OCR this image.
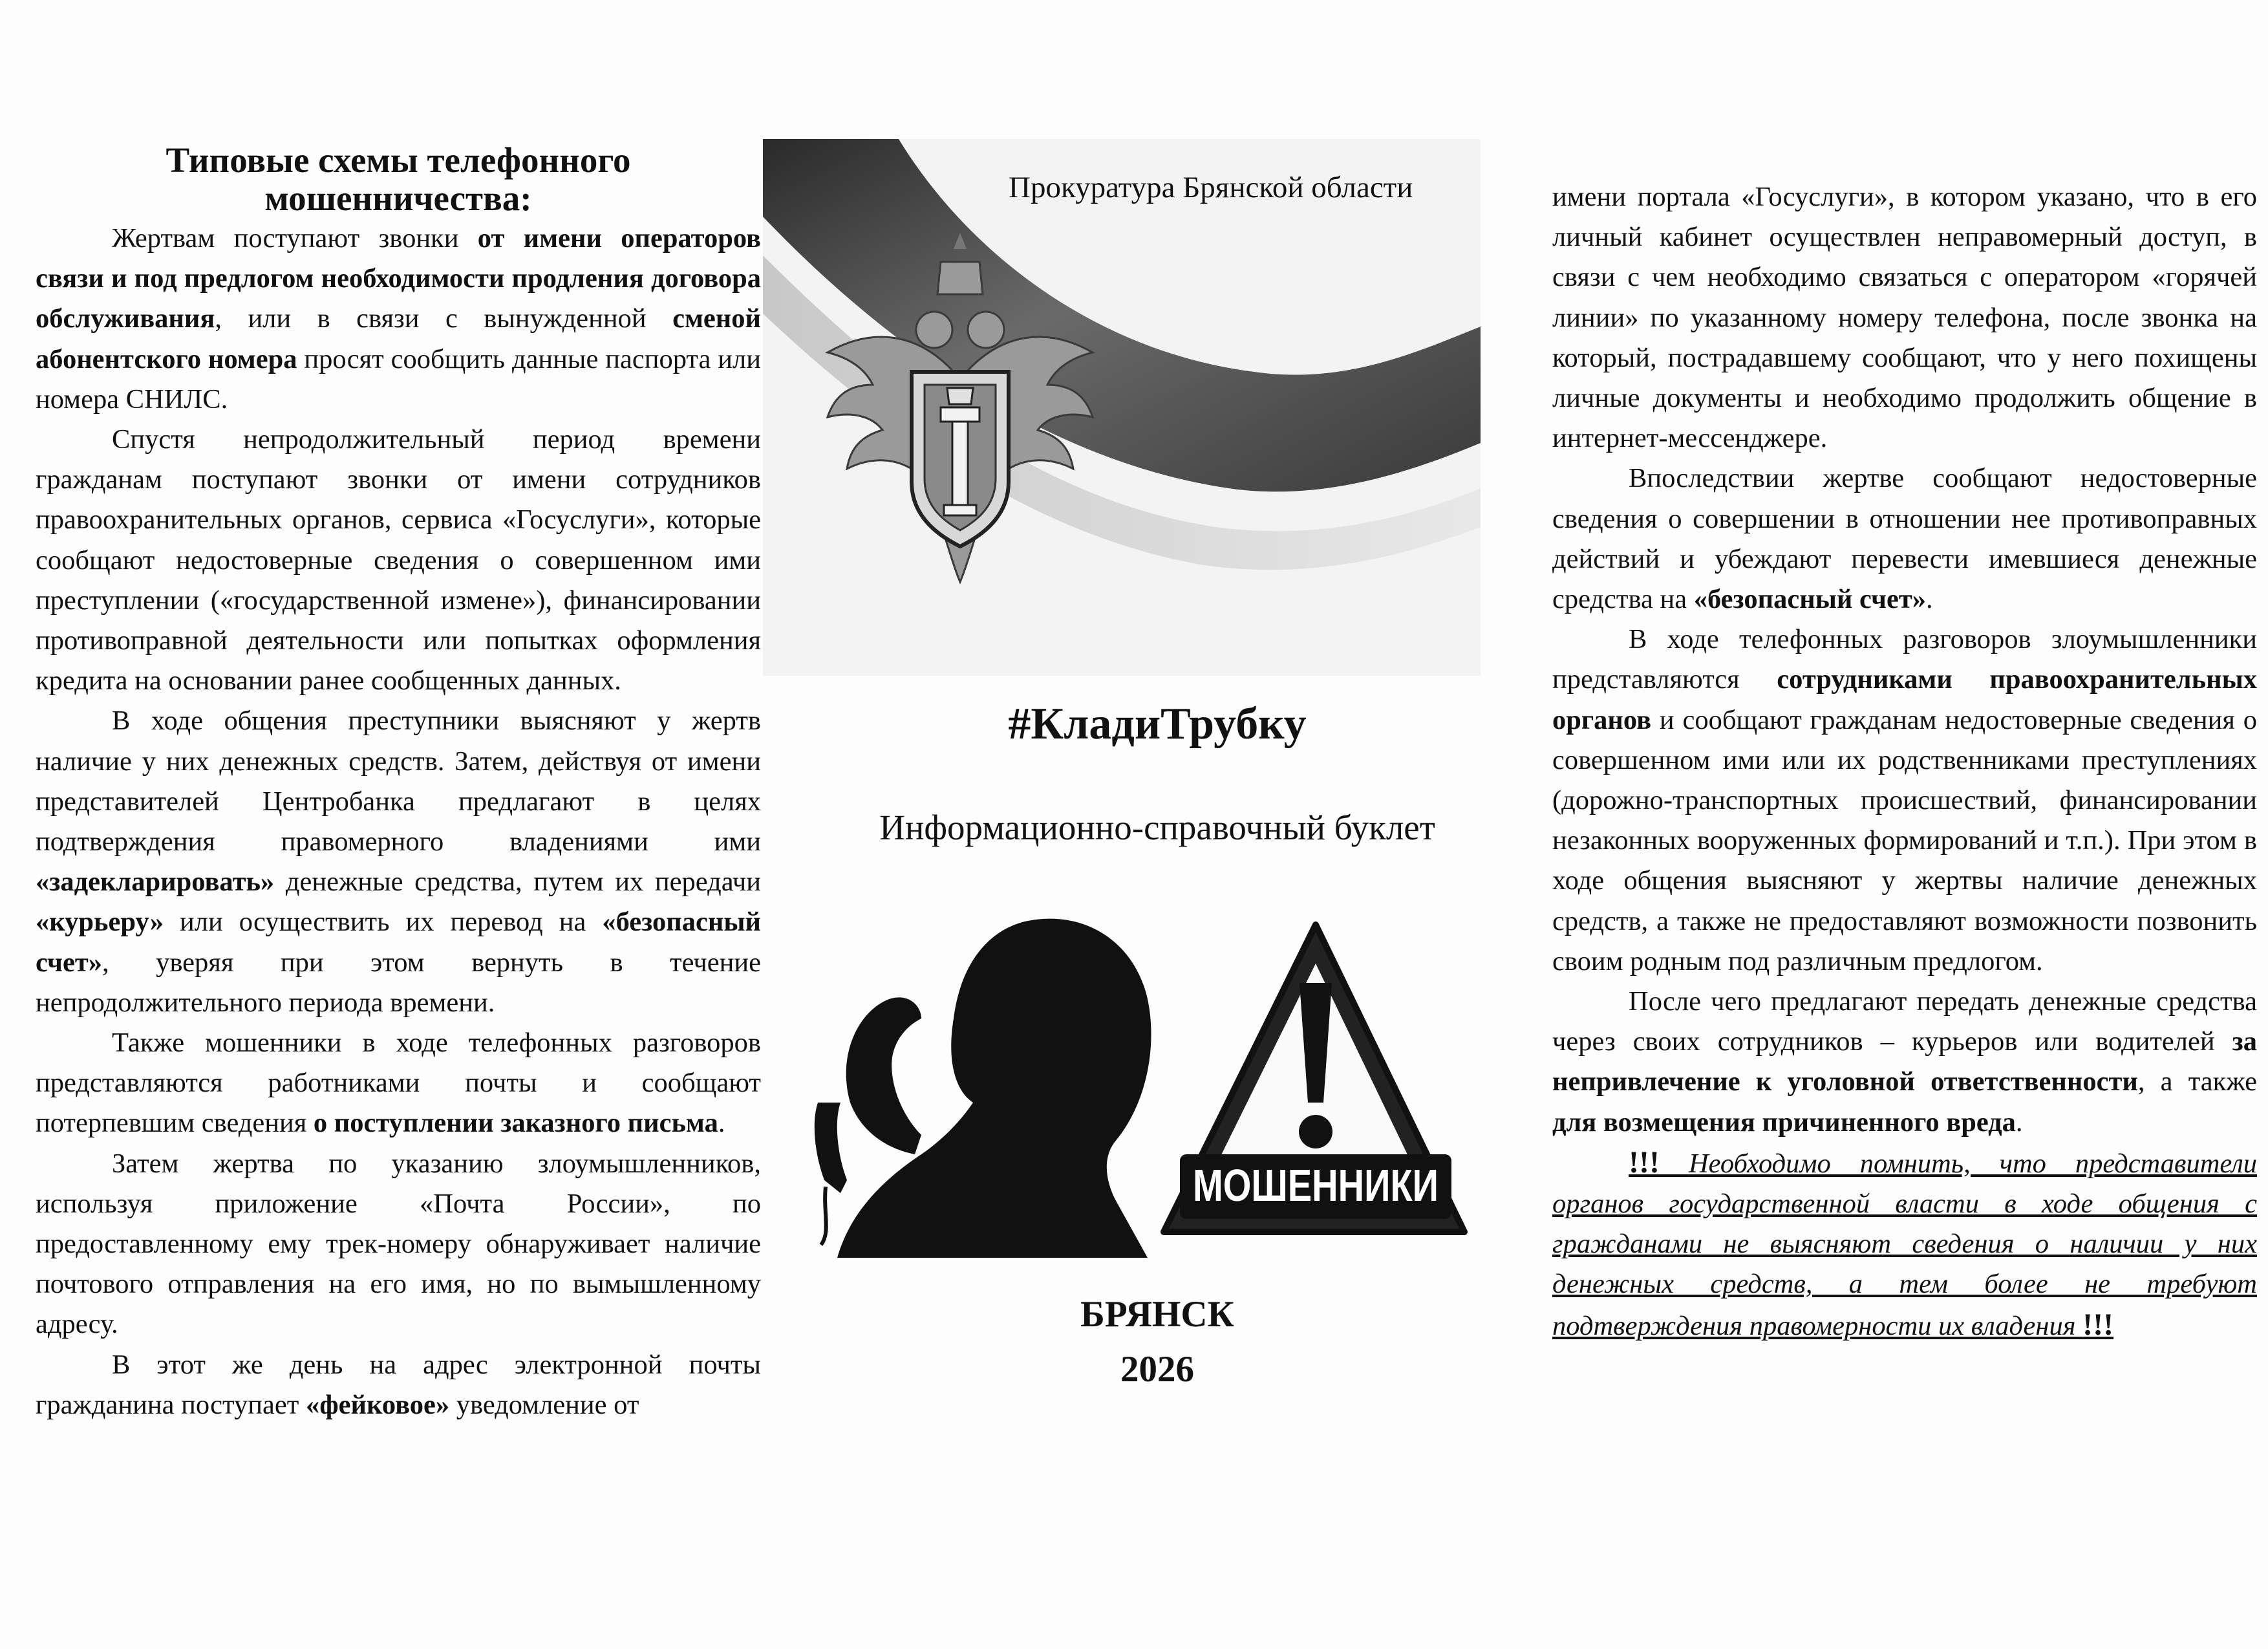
Типовые схемы телефонного
мошенничества:

Жертвам поступают звонки от имени операторов связи и под предлогом необходимости продления договора обслуживания, или в связи с вынужденной сменой абонентского номера просят сообщить данные паспорта или номера СНИЛС.

Спустя непродолжительный период времени гражданам поступают звонки от имени сотрудников правоохранительных органов, сервиса «Госуслуги», которые сообщают недостоверные сведения о совершенном ими преступлении («государственной измене»), финансировании противоправной деятельности или попытках оформления кредита на основании ранее сообщенных данных.

В ходе общения преступники выясняют у жертв наличие у них денежных средств. Затем, действуя от имени представителей Центробанка предлагают в целях подтверждения правомерного владениями ими «задекларировать» денежные средства, путем их передачи «курьеру» или осуществить их перевод на «безопасный счет», уверяя при этом вернуть в течение непродолжительного периода времени.

Также мошенники в ходе телефонных разговоров представляются работниками почты и сообщают потерпевшим сведения о поступлении заказного письма.

Затем жертва по указанию злоумышленников, используя приложение «Почта России», по предоставленному ему трек-номеру обнаруживает наличие почтового отправления на его имя, но по вымышленному адресу.

В этот же день на адрес электронной почты гражданина поступает «фейковое» уведомление от

Прокуратура Брянской области
#КладиТрубку
Информационно-справочный буклет
МОШЕННИКИ
БРЯНСК
2026

имени портала «Госуслуги», в котором указано, что в его личный кабинет осуществлен неправомерный доступ, в связи с чем необходимо связаться с оператором «горячей линии» по указанному номеру телефона, после звонка на который, пострадавшему сообщают, что у него похищены личные документы и необходимо продолжить общение в интернет-мессенджере.

Впоследствии жертве сообщают недостоверные сведения о совершении в отношении нее противоправных действий и убеждают перевести имевшиеся денежные средства на «безопасный счет».

В ходе телефонных разговоров злоумышленники представляются сотрудниками правоохранительных органов и сообщают гражданам недостоверные сведения о совершенном ими или их родственниками преступлениях (дорожно-транспортных происшествий, финансировании незаконных вооруженных формирований и т.п.). При этом в ходе общения выясняют у жертвы наличие денежных средств, а также не предоставляют возможности позвонить своим родным под различным предлогом.

После чего предлагают передать денежные средства через своих сотрудников – курьеров или водителей за непривлечение к уголовной ответственности, а также для возмещения причиненного вреда.

!!! Необходимо помнить, что представители органов государственной власти в ходе общения с гражданами не выясняют сведения о наличии у них денежных средств, а тем более не требуют подтверждения правомерности их владения !!!
